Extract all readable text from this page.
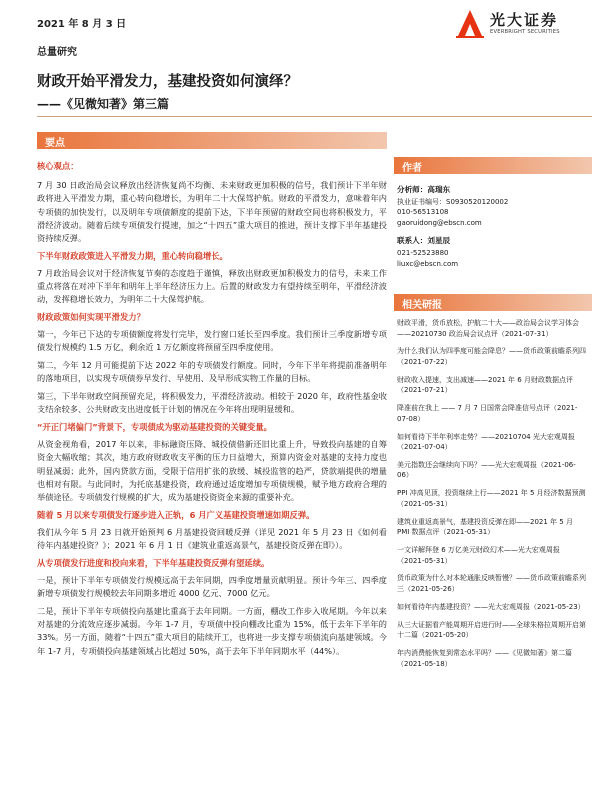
2021 年 8 月 3 日	光大证券
EVERBRIGHT SECURITIES
总量研究
财政开始平滑发力，基建投资如何演绎？
——《见微知著》第三篇
要点
作者
相关研报

核心观点：

7 月 30 日政治局会议释放出经济恢复尚不均衡、未来财政更加积极的信号，我们预计下半年财政将进入平滑发力期，重心转向稳增长，为明年二十大保驾护航。财政的平滑发力，意味着年内专项债的加快发行，以及明年专项债额度的提前下达，下半年预留的财政空间也将积极发力，平滑经济波动。随着后续专项债发行提速，加之“十四五”重大项目的推进，预计支撑下半年基建投资持续反弹。

下半年财政政策进入平滑发力期，重心转向稳增长。

7 月政治局会议对于经济恢复节奏的态度趋于谨慎，释放出财政更加积极发力的信号，未来工作重点将落在对冲下半年和明年上半年经济压力上。后置的财政发力有望持续至明年，平滑经济波动，发挥稳增长效力，为明年二十大保驾护航。

财政政策如何实现平滑发力？

第一，今年已下达的专项债额度将发行完毕，发行窗口延长至四季度。我们预计三季度新增专项债发行规模约 1.5 万亿，剩余近 1 万亿额度将预留至四季度使用。

第二，今年 12 月可能提前下达 2022 年的专项债发行额度。同时，今年下半年将提前准备明年的落地项目，以实现专项债券早发行、早使用、及早形成实物工作量的目标。

第三，下半年财政空间预留充足，将积极发力，平滑经济波动。相较于 2020 年，政府性基金收支结余较多、公共财政支出进度低于计划的情况在今年将出现明显缓和。

“开正门堵偏门”背景下，专项债成为驱动基建投资的关键变量。

从资金视角看，2017 年以来，非标融资压降、城投债借新还旧比重上升，导致投向基建的自筹资金大幅收缩；其次，地方政府财政收支平衡的压力日益增大，预算内资金对基建的支持力度也明显减弱；此外，国内贷款方面，受限于信用扩张的放缓、城投监管的趋严，贷款端提供的增量也相对有限。与此同时，为托底基建投资，政府通过适度增加专项债规模，赋予地方政府合理的举债途径。专项债发行规模的扩大，成为基建投资资金来源的重要补充。

随着 5 月以来专项债发行逐步进入正轨，6 月广义基建投资增速如期反弹。

我们从今年 5 月 23 日就开始预判 6 月基建投资回暖反弹（详见 2021 年 5 月 23 日《如何看待年内基建投资？》；2021 年 6 月 1 日《建筑业重返高景气，基建投资反弹在即》）。

从专项债发行进度和投向来看，下半年基建投资反弹有望延续。

一是，预计下半年专项债发行规模远高于去年同期，四季度增量贡献明显。预计今年三、四季度新增专项债发行规模较去年同期多增近 4000 亿元、7000 亿元。

二是，预计下半年专项债投向基建比重高于去年同期。一方面，棚改工作步入收尾期。今年以来对基建的分流效应逐步减弱。今年 1-7 月，专项债中投向棚改比重为 15%，低于去年下半年的 33%。另一方面，随着“十四五”重大项目的陆续开工，也将进一步支撑专项债流向基建领域。今年 1-7 月，专项债投向基建领域占比超过 50%，高于去年下半年同期水平（44%）。

分析师：高瑞东
执业证书编号：S0930520120002
010-56513108
gaoruidong@ebscn.com
联系人：刘星辰
021-52523880
liuxc@ebscn.com
财政平滑，货币放松，护航二十大——政治局会议学习体会——20210730 政治局会议点评（2021-07-31）
为什么我们认为四季度可能会降息？——货币政策前瞻系列四（2021-07-22）
财政收入提速，支出减速——2021 年 6 月财政数据点评（2021-07-21）
降准前在我上 —— 7 月 7 日国常会降准信号点评（2021-07-08）
如何看待下半年利率走势？——20210704 光大宏观周报（2021-07-04）
美元指数还会继续向下吗？——光大宏观周报（2021-06-06）
PPI 冲高见顶，投资继续上行——2021 年 5 月经济数据预测（2021-05-31）
建筑业重返高景气，基建投资反弹在即——2021 年 5 月 PMI 数据点评（2021-05-31）
一文详解拜登 6 万亿美元财政幻术——光大宏观周报（2021-05-31）
货币政策为什么对本轮通胀反映暂慢？——货币政策前瞻系列三（2021-05-26）
如何看待年内基建投资？——光大宏观周报（2021-05-23）
从三大证据看产能周期开启进行时——全球朱格拉周期开启第十二篇（2021-05-20）
年内消费能恢复到常态水平吗？——《见微知著》第二篇（2021-05-18）
